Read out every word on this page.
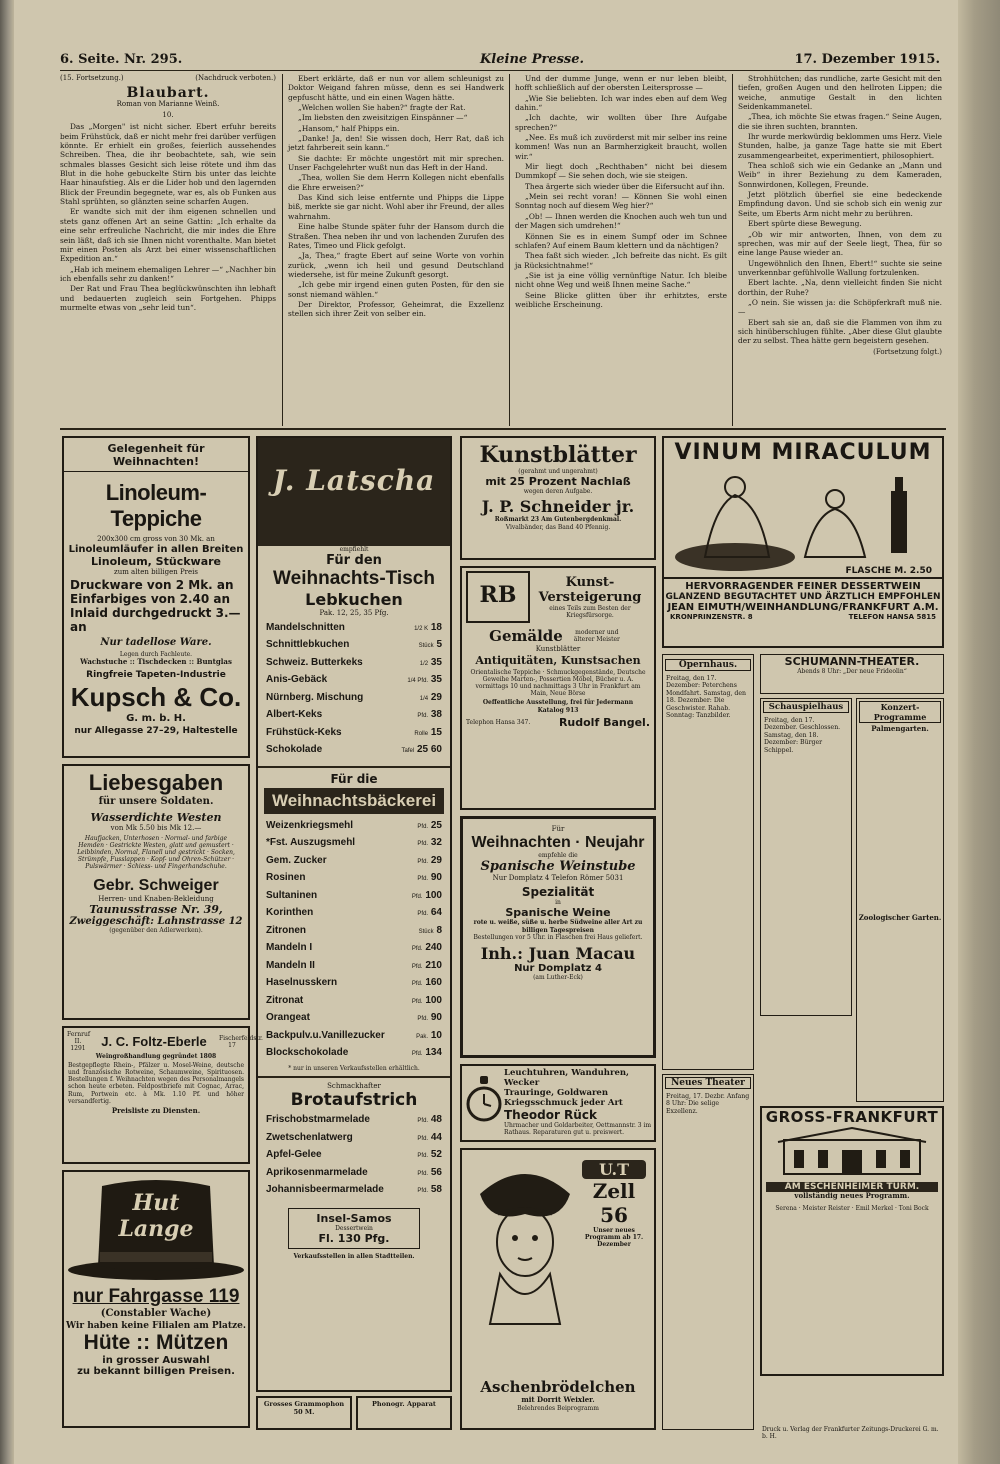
6. Seite. Nr. 295.	Kleine Presse.	17. Dezember 1915.
(15. Fortsetzung.)	(Nachdruck verboten.)
Blaubart.
Roman von Marianne Weinß.
10.

Das „Morgen" ist nicht sicher. Ebert erfuhr bereits beim Frühstück, daß er nicht mehr frei darüber verfügen könnte. Er erhielt ein großes, feierlich aussehendes Schreiben. Thea, die ihr beobachtete, sah, wie sein schmales blasses Gesicht sich leise rötete und ihm das Blut in die hohe gebuckelte Stirn bis unter das leichte Haar hinaufstieg. Als er die Lider hob und den lagernden Blick der Freundin begegnete, war es, als ob Funken aus Stahl sprühten, so glänzten seine scharfen Augen.

Er wandte sich mit der ihm eigenen schnellen und stets ganz offenen Art an seine Gattin: „Ich erhalte da eine sehr erfreuliche Nachricht, die mir indes die Ehre sein läßt, daß ich sie Ihnen nicht vorenthalte. Man bietet mir einen Posten als Arzt bei einer wissenschaftlichen Expedition an.“

„Hab ich meinem ehemaligen Lehrer —“ „Nachher bin ich ebenfalls sehr zu danken!“

Der Rat und Frau Thea beglückwünschten ihn lebhaft und bedauerten zugleich sein Fortgehen. Phipps murmelte etwas von „sehr leid tun“.

Ebert erklärte, daß er nun vor allem schleunigst zu Doktor Weigand fahren müsse, denn es sei Handwerk gepfuscht hätte, und ein einen Wagen hätte.

„Welchen wollen Sie haben?“ fragte der Rat.

„Im liebsten den zweisitzigen Einspänner —“

„Hansom,“ half Phipps ein.

„Danke! Ja, den! Sie wissen doch, Herr Rat, daß ich jetzt fahrbereit sein kann.“

Sie dachte: Er möchte ungestört mit mir sprechen. Unser Fachgelehrter wußt nun das Heft in der Hand.

„Thea, wollen Sie dem Herrn Kollegen nicht ebenfalls die Ehre erweisen?“

Das Kind sich leise entfernte und Phipps die Lippe biß, merkte sie gar nicht. Wohl aber ihr Freund, der alles wahrnahm.

Eine halbe Stunde später fuhr der Hansom durch die Straßen. Thea neben ihr und von lachenden Zurufen des Rates, Timeo und Flick gefolgt.

„Ja, Thea,“ fragte Ebert auf seine Worte von vorhin zurück, „wenn ich heil und gesund Deutschland wiedersehe, ist für meine Zukunft gesorgt.

„Ich gebe mir irgend einen guten Posten, für den sie sonst niemand wählen.“

Der Direktor, Professor, Geheimrat, die Exzellenz stellen sich ihrer Zeit von selber ein.

Und der dumme Junge, wenn er nur leben bleibt, hofft schließlich auf der obersten Leitersprosse —

„Wie Sie beliebten. Ich war indes eben auf dem Weg dahin.“

„Ich dachte, wir wollten über Ihre Aufgabe sprechen?“

„Nee. Es muß ich zuvörderst mit mir selber ins reine kommen! Was nun an Barmherzigkeit braucht, wollen wir.“

Mir liegt doch „Rechthaben“ nicht bei diesem Dummkopf — Sie sehen doch, wie sie steigen.

Thea ärgerte sich wieder über die Eifersucht auf ihn.

„Mein sei recht voran! — Können Sie wohl einen Sonntag noch auf diesem Weg hier?“

„Ob! — Ihnen werden die Knochen auch weh tun und der Magen sich umdrehen!“

Können Sie es in einem Sumpf oder im Schnee schlafen? Auf einem Baum klettern und da nächtigen?

Thea faßt sich wieder. „Ich befreite das nicht. Es gilt ja Rücksichtnahme!“

„Sie ist ja eine völlig vernünftige Natur. Ich bleibe nicht ohne Weg und weiß Ihnen meine Sache.“

Seine Blicke glitten über ihr erhitztes, erste weibliche Erscheinung.

Strohhütchen; das rundliche, zarte Gesicht mit den tiefen, großen Augen und den hellroten Lippen; die weiche, anmutige Gestalt in den lichten Seidenkammanetel.

„Thea, ich möchte Sie etwas fragen.“ Seine Augen, die sie ihren suchten, brannten.

Ihr wurde merkwürdig beklommen ums Herz. Viele Stunden, halbe, ja ganze Tage hatte sie mit Ebert zusammengearbeitet, experimentiert, philosophiert.

Thea schloß sich wie ein Gedanke an „Mann und Weib“ in ihrer Beziehung zu dem Kameraden, Sonnwirdonen, Kollegen, Freunde.

Jetzt plötzlich überfiel sie eine bedeckende Empfindung davon. Und sie schob sich ein wenig zur Seite, um Eberts Arm nicht mehr zu berühren.

Ebert spürte diese Bewegung.

„Ob wir mir antworten, Ihnen, von dem zu sprechen, was mir auf der Seele liegt, Thea, für so eine lange Pause wieder an.

Ungewöhnlich den Ihnen, Ebert!“ suchte sie seine unverkennbar gefühlvolle Wallung fortzulenken.

Ebert lachte. „Na, denn vielleicht finden Sie nicht dorthin, der Ruhe?

„O nein. Sie wissen ja: die Schöpferkraft muß nie. —

Ebert sah sie an, daß sie die Flammen von ihm zu sich hinüberschlugen fühlte. „Aber diese Glut glaubte der zu selbst. Thea hätte gern begeistern gesehen.

(Fortsetzung folgt.)
Gelegenheit für Weihnachten!
Linoleum-Teppiche
200x300 cm gross von 30 Mk. an
Linoleumläufer in allen Breiten
Linoleum, Stückware
zum alten billigen Preis
Druckware von 2 Mk. an
Einfarbiges von 2.40 an
Inlaid durchgedruckt 3.— an
Nur tadellose Ware.
Legen durch Fachleute.
Wachstuche :: Tischdecken :: Buntglas
Ringfreie Tapeten-Industrie
Kupsch & Co.
G. m. b. H.
nur Allegasse 27–29, Haltestelle
Liebesgaben
für unsere Soldaten.
Wasserdichte Westen
von Mk 5.50 bis Mk 12.—
Haufjacken, Unterhosen · Normal- und farbige Hemden · Gestrickte Westen, glatt und gemustert · Leibbinden, Normal, Flanell und gestrickt · Socken, Strümpfe, Fusslappen · Kopf- und Ohren-Schützer · Pulswärmer · Schiess- und Fingerhandschuhe.
Gebr. Schweiger
Herren- und Knaben-Bekleidung
Taunusstrasse Nr. 39,
Zweiggeschäft: Lahnstrasse 12
(gegenüber den Adlerwerken).
Fernruf II. 1291 J. C. Foltz-Eberle Fischerfeldstr. 17
Weingroßhandlung gegründet 1808
Bestgepflegte Rhein-, Pfälzer u. Mosel-Weine, deutsche und französische Rotweine, Schaumweine, Spirituosen. Bestellungen f. Weihnachten wegen des Personalmangels schon heute erbeten. Feldpostbriefe mit Cognac, Arrac, Rum, Portwein etc. à Mk. 1.10 Pf. und höher versandfertig.
Preisliste zu Diensten.
Hut
Lange
nur Fahrgasse 119
(Constabler Wache)
Wir haben keine Filialen am Platze.
Hüte :: Mützen
in grosser Auswahl
zu bekannt billigen Preisen.
J. Latscha
empfiehlt
Für den
Weihnachts-Tisch
Lebkuchen
Pak. 12, 25, 35 Pfg.
Mandelschnitten	1/2 K 18
Schnittlebkuchen	Stück 5
Schweiz. Butterkeks	1/2 35
Anis-Gebäck	1/4 Pfd. 35
Nürnberg. Mischung	1/4 29
Albert-Keks	Pfd. 38
Frühstück-Keks	Rolle 15
Schokolade	Tafel 25 60
Für die
Weihnachtsbäckerei
Weizenkriegsmehl	Pfd. 25
*Fst. Auszugsmehl	Pfd. 32
Gem. Zucker	Pfd. 29
Rosinen	Pfd. 90
Sultaninen	Pfd. 100
Korinthen	Pfd. 64
Zitronen	Stück 8
Mandeln I	Pfd. 240
Mandeln II	Pfd. 210
Haselnusskern	Pfd. 160
Zitronat	Pfd. 100
Orangeat	Pfd. 90
Backpulv.u.Vanillezucker	Pak. 10
Blockschokolade	Pfd. 134
* nur in unseren Verkaufsstellen erhältlich.
Schmackhafter
Brotaufstrich
Frischobstmarmelade	Pfd. 48
Zwetschenlatwerg	Pfd. 44
Apfel-Gelee	Pfd. 52
Aprikosenmarmelade	Pfd. 56
Johannisbeermarmelade	Pfd. 58
Insel-Samos
Dessertwein
Fl. 130 Pfg.
Verkaufsstellen in allen Stadtteilen.
Grosses Grammophon 50 M.
Phonogr. Apparat
Kunstblätter
(gerahmt und ungerahmt)
mit 25 Prozent Nachlaß
wegen deren Aufgabe.
J. P. Schneider jr.
Roßmarkt 23 Am Gutenbergdenkmal.
Vivalbänder, das Band 40 Pfennig.
RB	Kunst-Versteigerung
eines Teils zum Besten der Kriegsfürsorge.
Gemälde	moderner und älterer Meister
Kunstblätter
Antiquitäten, Kunstsachen
Orientalische Teppiche · Schmuckgegenstände, Deutsche Geweihe Marten-, Possertien Möbel, Bücher u. A. vormittags 10 und nachmittags 3 Uhr in Frankfurt am Main, Neue Börse
Oeffentliche Ausstellung, frei für Jedermann
Katalog 913
Telephon Hansa 347.	Rudolf Bangel.
Für
Weihnachten · Neujahr
empfehle die
Spanische Weinstube
Nur Domplatz 4 Telefon Römer 5031
Spezialität
in
Spanische Weine
rote u. weiße, süße u. herbe Südweine aller Art zu billigen Tagespreisen
Bestellungen vor 5 Uhr. in Flaschen frei Haus geliefert.
Inh.: Juan Macau
Nur Domplatz 4
(am Luther-Eck)
Leuchtuhren, Wanduhren, Wecker
Trauringe, Goldwaren
Kriegsschmuck jeder Art
Theodor Rück
Uhrmacher und Goldarbeiter, Oettmannstr. 3 im Rathaus. Reparaturen gut u. preiswert.
U.T
Zell
56
Unser neues Programm ab 17. Dezember
Aschenbrödelchen
mit Dorrit Weixler.
Belehrendes Beiprogramm
VINUM MIRACULUM
FLASCHE M. 2.50
HERVORRAGENDER FEINER DESSERTWEIN
GLANZEND BEGUTACHTET UND ÄRZTLICH EMPFOHLEN
JEAN EIMUTH/WEINHANDLUNG/FRANKFURT A.M.
KRONPRINZENSTR. 8	TELEFON HANSA 5815
Opernhaus.
Freitag, den 17. Dezember: Peterchens Mondfahrt. Samstag, den 18. Dezember: Die Geschwister. Rahab. Sonntag: Tanzbilder.
SCHUMANN-THEATER.
Abends 8 Uhr: „Der neue Frideolin“
Schauspielhaus
Freitag, den 17. Dezember. Geschlossen. Samstag, den 18. Dezember: Bürger Schippel.
Konzert-Programme
Palmengarten.
Zoologischer Garten.
Neues Theater
Freitag, 17. Dezbr. Anfang 8 Uhr: Die selige Exzellenz.	GROSS-FRANKFURT
AM ESCHENHEIMER TURM.
vollständig neues Programm.
Serena · Meister Reister · Emil Merkel · Toni Bock
Druck u. Verlag der Frankfurter Zeitungs-Druckerei G. m. b. H.
